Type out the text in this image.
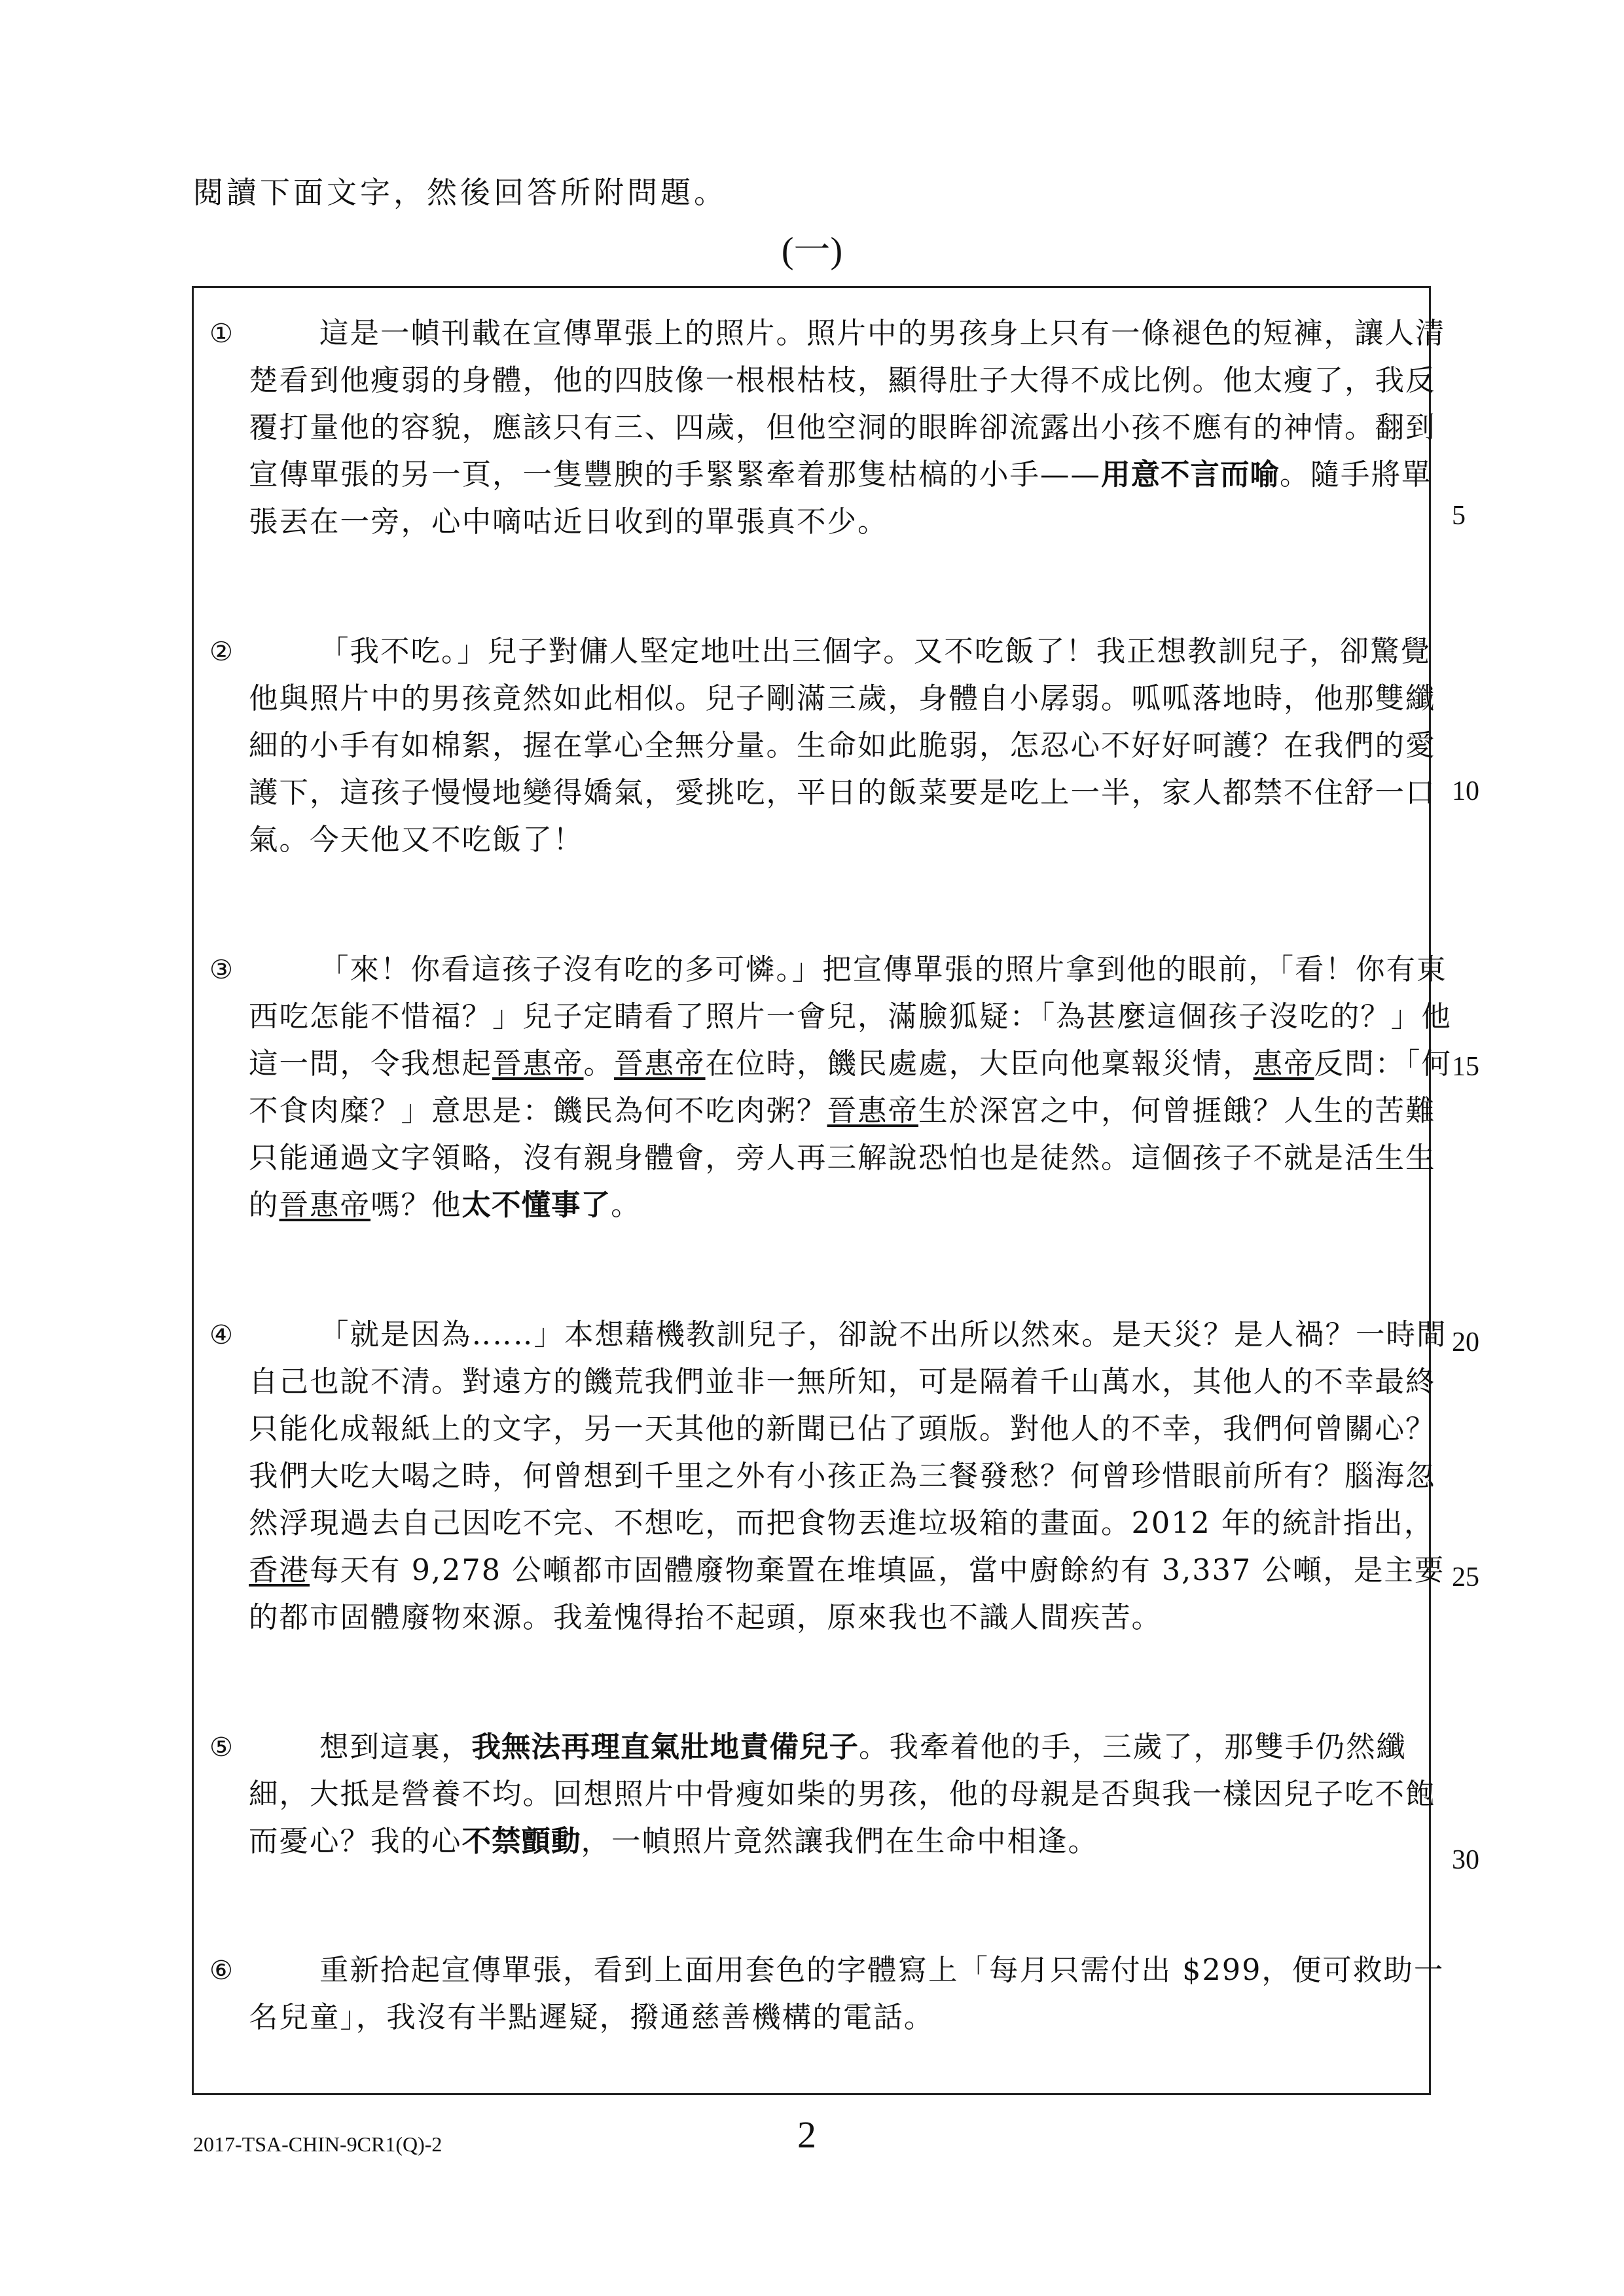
閱讀下面文字，然後回答所附問題。
(一)
①	這是一幀刊載在宣傳單張上的照片。照片中的男孩身上只有一條褪色的短褲，讓人清楚看到他瘦弱的身體，他的四肢像一根根枯枝，顯得肚子大得不成比例。他太瘦了，我反覆打量他的容貌，應該只有三、四歲，但他空洞的眼眸卻流露出小孩不應有的神情。翻到宣傳單張的另一頁，一隻豐腴的手緊緊牽着那隻枯槁的小手——用意不言而喻。隨手將單張丟在一旁，心中嘀咕近日收到的單張真不少。
②	「我不吃。」兒子對傭人堅定地吐出三個字。又不吃飯了！我正想教訓兒子，卻驚覺他與照片中的男孩竟然如此相似。兒子剛滿三歲，身體自小孱弱。呱呱落地時，他那雙纖細的小手有如棉絮，握在掌心全無分量。生命如此脆弱，怎忍心不好好呵護？在我們的愛護下，這孩子慢慢地變得嬌氣，愛挑吃，平日的飯菜要是吃上一半，家人都禁不住舒一口氣。今天他又不吃飯了！
③	「來！你看這孩子沒有吃的多可憐。」把宣傳單張的照片拿到他的眼前，「看！你有東西吃怎能不惜福？」兒子定睛看了照片一會兒，滿臉狐疑：「為甚麼這個孩子沒吃的？」他這一問，令我想起晉惠帝。晉惠帝在位時，饑民處處，大臣向他稟報災情，惠帝反問：「何不食肉糜？」意思是：饑民為何不吃肉粥？晉惠帝生於深宮之中，何曾捱餓？人生的苦難只能通過文字領略，沒有親身體會，旁人再三解說恐怕也是徒然。這個孩子不就是活生生的晉惠帝嗎？他太不懂事了。
④	「就是因為‥‥‥」本想藉機教訓兒子，卻說不出所以然來。是天災？是人禍？一時間自己也說不清。對遠方的饑荒我們並非一無所知，可是隔着千山萬水，其他人的不幸最終只能化成報紙上的文字，另一天其他的新聞已佔了頭版。對他人的不幸，我們何曾關心？我們大吃大喝之時，何曾想到千里之外有小孩正為三餐發愁？何曾珍惜眼前所有？腦海忽然浮現過去自己因吃不完、不想吃，而把食物丟進垃圾箱的畫面。2012 年的統計指出，香港每天有 9,278 公噸都市固體廢物棄置在堆填區，當中廚餘約有 3,337 公噸，是主要的都市固體廢物來源。我羞愧得抬不起頭，原來我也不識人間疾苦。
⑤	想到這裏，我無法再理直氣壯地責備兒子。我牽着他的手，三歲了，那雙手仍然纖細，大抵是營養不均。回想照片中骨瘦如柴的男孩，他的母親是否與我一樣因兒子吃不飽而憂心？我的心不禁顫動，一幀照片竟然讓我們在生命中相逢。
⑥	重新拾起宣傳單張，看到上面用套色的字體寫上「每月只需付出 $299，便可救助一名兒童」，我沒有半點遲疑，撥通慈善機構的電話。
5
10
15
20
25
30
2017-TSA-CHIN-9CR1(Q)-2	2
